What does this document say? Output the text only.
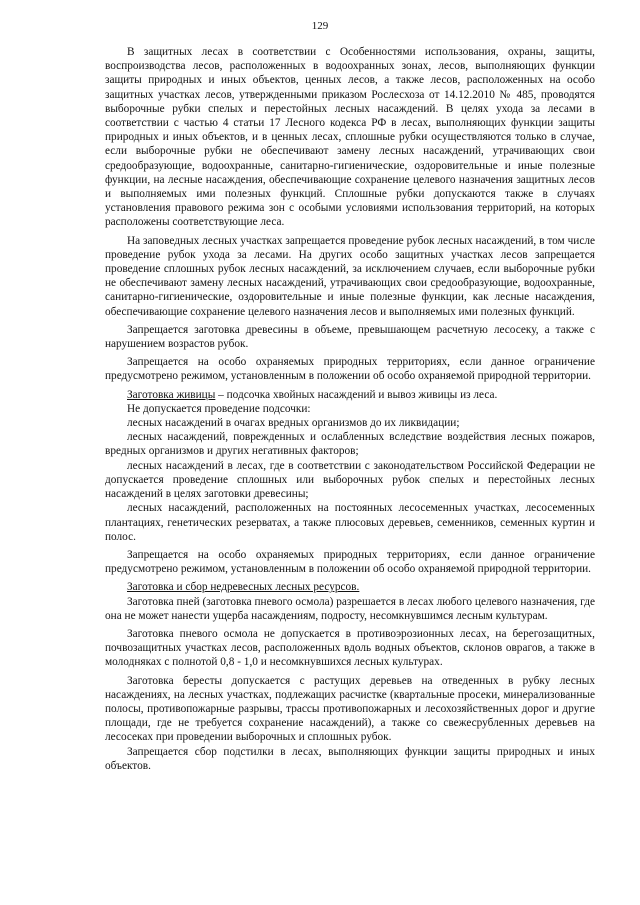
129

В защитных лесах в соответствии с Особенностями использования, охраны, защиты, воспроизводства лесов, расположенных в водоохранных зонах, лесов, выполняющих функции защиты природных и иных объектов, ценных лесов, а также лесов, расположенных на особо защитных участках лесов, утвержденными приказом Рослесхоза от 14.12.2010 № 485, проводятся выборочные рубки спелых и перестойных лесных насаждений. В целях ухода за лесами в соответствии с частью 4 статьи 17 Лесного кодекса РФ в лесах, выполняющих функции защиты природных и иных объектов, и в ценных лесах, сплошные рубки осуществляются только в случае, если выборочные рубки не обеспечивают замену лесных насаждений, утрачивающих свои средообразующие, водоохранные, санитарно-гигиенические, оздоровительные и иные полезные функции, на лесные насаждения, обеспечивающие сохранение целевого назначения защитных лесов и выполняемых ими полезных функций. Сплошные рубки допускаются также в случаях установления правового режима зон с особыми условиями использования территорий, на которых расположены соответствующие леса.

На заповедных лесных участках запрещается проведение рубок лесных насаждений, в том числе проведение рубок ухода за лесами. На других особо защитных участках лесов запрещается проведение сплошных рубок лесных насаждений, за исключением случаев, если выборочные рубки не обеспечивают замену лесных насаждений, утрачивающих свои средообразующие, водоохранные, санитарно-гигиенические, оздоровительные и иные полезные функции, как лесные насаждения, обеспечивающие сохранение целевого назначения лесов и выполняемых ими полезных функций.

Запрещается заготовка древесины в объеме, превышающем расчетную лесосеку, а также с нарушением возрастов рубок.

Запрещается на особо охраняемых природных территориях, если данное ограничение предусмотрено режимом, установленным в положении об особо охраняемой природной территории.

Заготовка живицы – подсочка хвойных насаждений и вывоз живицы из леса.

Не допускается проведение подсочки:

лесных насаждений в очагах вредных организмов до их ликвидации;

лесных насаждений, поврежденных и ослабленных вследствие воздействия лесных пожаров, вредных организмов и других негативных факторов;

лесных насаждений в лесах, где в соответствии с законодательством Российской Федерации не допускается проведение сплошных или выборочных рубок спелых и перестойных лесных насаждений в целях заготовки древесины;

лесных насаждений, расположенных на постоянных лесосеменных участках, лесосеменных плантациях, генетических резерватах, а также плюсовых деревьев, семенников, семенных куртин и полос.

Запрещается на особо охраняемых природных территориях, если данное ограничение предусмотрено режимом, установленным в положении об особо охраняемой природной территории.

Заготовка и сбор недревесных лесных ресурсов.

Заготовка пней (заготовка пневого осмола) разрешается в лесах любого целевого назначения, где она не может нанести ущерба насаждениям, подросту, несомкнувшимся лесным культурам.

Заготовка пневого осмола не допускается в противоэрозионных лесах, на берегозащитных, почвозащитных участках лесов, расположенных вдоль водных объектов, склонов оврагов, а также в молодняках с полнотой 0,8 - 1,0 и несомкнувшихся лесных культурах.

Заготовка бересты допускается с растущих деревьев на отведенных в рубку лесных насаждениях, на лесных участках, подлежащих расчистке (квартальные просеки, минерализованные полосы, противопожарные разрывы, трассы противопожарных и лесохозяйственных дорог и другие площади, где не требуется сохранение насаждений), а также со свежесрубленных деревьев на лесосеках при проведении выборочных и сплошных рубок.

Запрещается сбор подстилки в лесах, выполняющих функции защиты природных и иных объектов.
